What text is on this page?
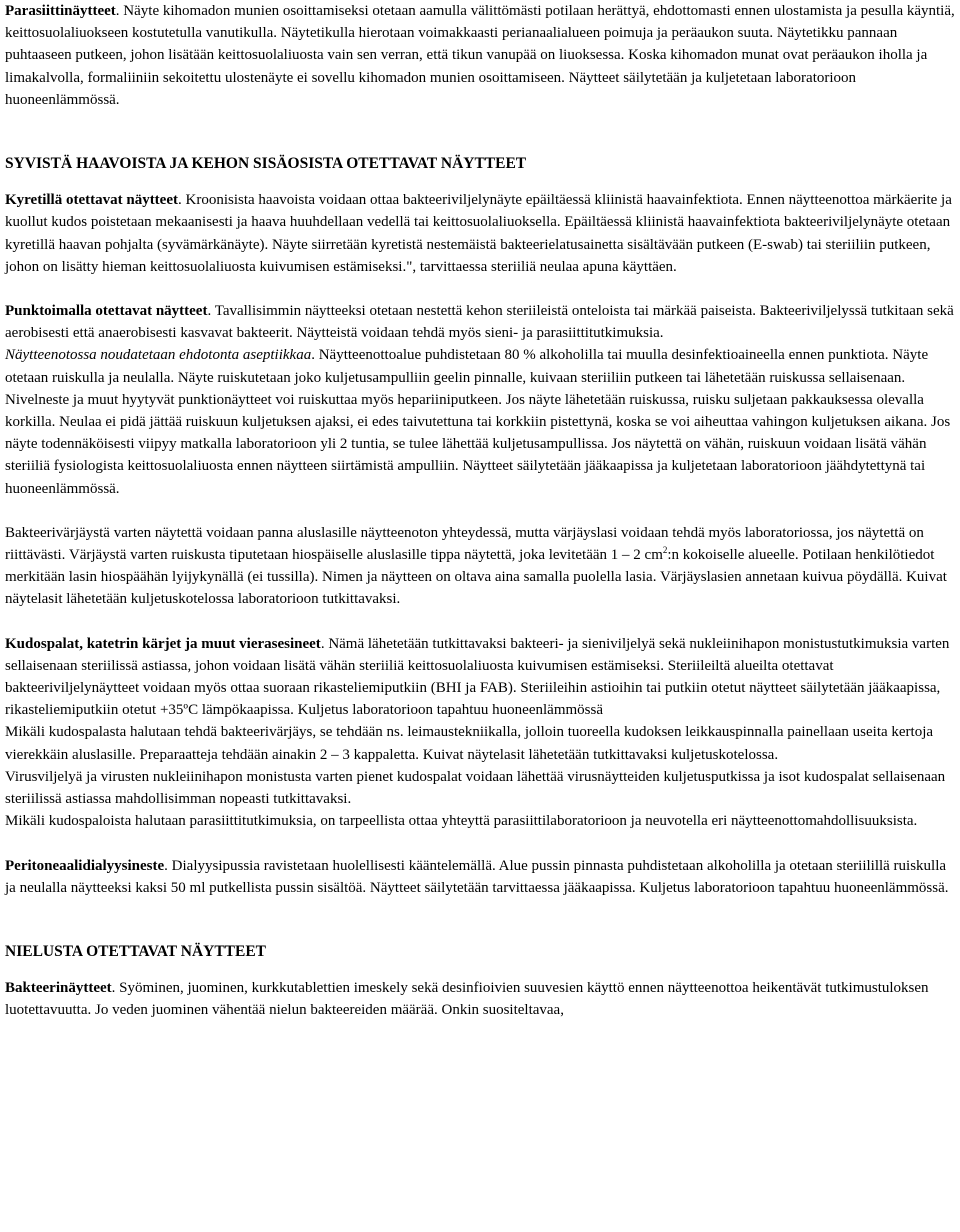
Parasiittinäytteet. Näyte kihomadon munien osoittamiseksi otetaan aamulla välittömästi potilaan herättyä, ehdottomasti ennen ulostamista ja pesulla käyntiä, keittosuolaliuokseen kostutetulla vanutikulla. Näytetikulla hierotaan voimakkaasti perianaalialueen poimuja ja peräaukon suuta. Näytetikku pannaan puhtaaseen putkeen, johon lisätään keittosuolaliuosta vain sen verran, että tikun vanupää on liuoksessa. Koska kihomadon munat ovat peräaukon iholla ja limakalvolla, formaliiniin sekoitettu ulostenäyte ei sovellu kihomadon munien osoittamiseen. Näytteet säilytetään ja kuljetetaan laboratorioon huoneenlämmössä.

SYVISTÄ HAAVOISTA JA KEHON SISÄOSISTA OTETTAVAT NÄYTTEET

Kyretillä otettavat näytteet. Kroonisista haavoista voidaan ottaa bakteeriviljelynäyte epäiltäessä kliinistä haavainfektiota. Ennen näytteenottoa märkäerite ja kuollut kudos poistetaan mekaanisesti ja haava huuhdellaan vedellä tai keittosuolaliuoksella. Epäiltäessä kliinistä haavainfektiota bakteeriviljelynäyte otetaan kyretillä haavan pohjalta (syvämärkänäyte). Näyte siirretään kyretistä nestemäistä bakteerielatusainetta sisältävään putkeen (E-swab) tai steriiliin putkeen, johon on lisätty hieman keittosuolaliuosta kuivumisen estämiseksi.", tarvittaessa steriiliä neulaa apuna käyttäen.

Punktoimalla otettavat näytteet. Tavallisimmin näytteeksi otetaan nestettä kehon steriileistä onteloista tai märkää paiseista. Bakteeriviljelyssä tutkitaan sekä aerobisesti että anaerobisesti kasvavat bakteerit. Näytteistä voidaan tehdä myös sieni- ja parasiittitutkimuksia.
Näytteenotossa noudatetaan ehdotonta aseptiikkaa. Näytteenottoalue puhdistetaan 80 % alkoholilla tai muulla desinfektioaineella ennen punktiota. Näyte otetaan ruiskulla ja neulalla. Näyte ruiskutetaan joko kuljetusampulliin geelin pinnalle, kuivaan steriiliin putkeen tai lähetetään ruiskussa sellaisenaan. Nivelneste ja muut hyytyvät punktionäytteet voi ruiskuttaa myös hepariiniputkeen. Jos näyte lähetetään ruiskussa, ruisku suljetaan pakkauksessa olevalla korkilla. Neulaa ei pidä jättää ruiskuun kuljetuksen ajaksi, ei edes taivutettuna tai korkkiin pistettynä, koska se voi aiheuttaa vahingon kuljetuksen aikana. Jos näyte todennäköisesti viipyy matkalla laboratorioon yli 2 tuntia, se tulee lähettää kuljetusampullissa. Jos näytettä on vähän, ruiskuun voidaan lisätä vähän steriiliä fysiologista keittosuolaliuosta ennen näytteen siirtämistä ampulliin. Näytteet säilytetään jääkaapissa ja kuljetetaan laboratorioon jäähdytettynä tai huoneenlämmössä.

Bakteerivärjäystä varten näytettä voidaan panna aluslasille näytteenoton yhteydessä, mutta värjäyslasi voidaan tehdä myös laboratoriossa, jos näytettä on riittävästi. Värjäystä varten ruiskusta tiputetaan hiospäiselle aluslasille tippa näytettä, joka levitetään 1 – 2 $cm^2:n$ kokoiselle alueelle. Potilaan henkilötiedot merkitään lasin hiospäähän lyijykynällä (ei tussilla). Nimen ja näytteen on oltava aina samalla puolella lasia. Värjäyslasien annetaan kuivua pöydällä. Kuivat näytelasit lähetetään kuljetuskotelossa laboratorioon tutkittavaksi.

Kudospalat, katetrin kärjet ja muut vierasesineet. Nämä lähetetään tutkittavaksi bakteeri- ja sieniviljelyä sekä nukleiinihapon monistustutkimuksia varten sellaisenaan steriilissä astiassa, johon voidaan lisätä vähän steriiliä keittosuolaliuosta kuivumisen estämiseksi. Steriileiltä alueilta otettavat bakteeriviljelynäytteet voidaan myös ottaa suoraan rikasteliemiputkiin (BHI ja FAB). Steriileihin astioihin tai putkiin otetut näytteet säilytetään jääkaapissa, rikasteliemiputkiin otetut +35ºC lämpökaapissa. Kuljetus laboratorioon tapahtuu huoneenlämmössä
Mikäli kudospalasta halutaan tehdä bakteerivärjäys, se tehdään ns. leimaustekniikalla, jolloin tuoreella kudoksen leikkauspinnalla painellaan useita kertoja vierekkäin aluslasille. Preparaatteja tehdään ainakin 2 – 3 kappaletta. Kuivat näytelasit lähetetään tutkittavaksi kuljetuskotelossa.
Virusviljelyä ja virusten nukleiinihapon monistusta varten pienet kudospalat voidaan lähettää virusnäytteiden kuljetusputkissa ja isot kudospalat sellaisenaan steriilissä astiassa mahdollisimman nopeasti tutkittavaksi.
Mikäli kudospaloista halutaan parasiittitutkimuksia, on tarpeellista ottaa yhteyttä parasiittilaboratorioon ja neuvotella eri näytteenottomahdollisuuksista.

Peritoneaalidialyysineste. Dialyysipussia ravistetaan huolellisesti kääntelemällä. Alue pussin pinnasta puhdistetaan alkoholilla ja otetaan steriilillä ruiskulla ja neulalla näytteeksi kaksi 50 ml putkellista pussin sisältöä. Näytteet säilytetään tarvittaessa jääkaapissa. Kuljetus laboratorioon tapahtuu huoneenlämmössä.

NIELUSTA OTETTAVAT NÄYTTEET

Bakteerinäytteet. Syöminen, juominen, kurkkutablettien imeskely sekä desinfioivien suuvesien käyttö ennen näytteenottoa heikentävät tutkimustuloksen luotettavuutta. Jo veden juominen vähentää nielun bakteereiden määrää. Onkin suositeltavaa,
